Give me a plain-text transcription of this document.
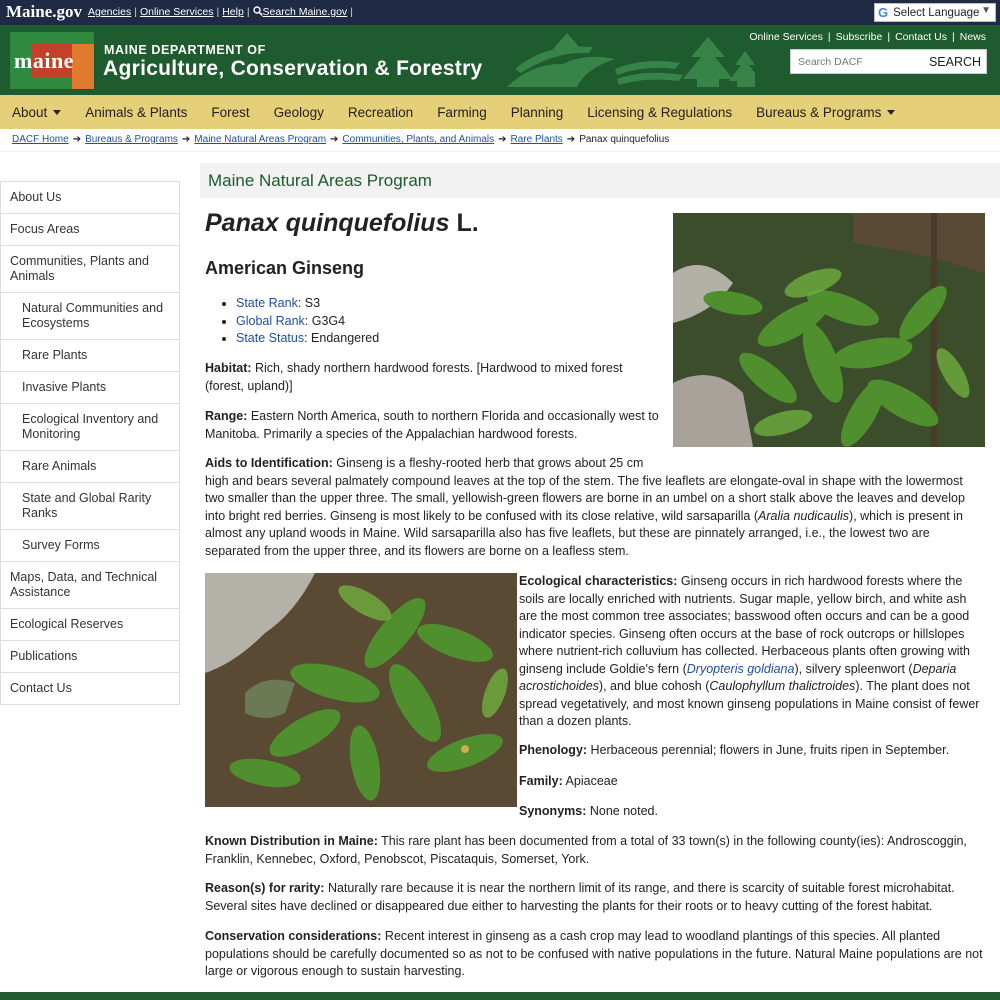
Maine.gov Agencies | Online Services | Help | Search Maine.gov |	G Select Language ▼
maine MAINE DEPARTMENT OF
Agriculture, Conservation & Forestry
Online Services | Subscribe | Contact Us | News
Search DACF
SEARCH
About	Animals & Plants	Forest	Geology	Recreation	Farming	Planning	Licensing & Regulations	Bureaus & Programs
DACF Home ➔ Bureaus & Programs ➔ Maine Natural Areas Program ➔ Communities, Plants, and Animals ➔ Rare Plants ➔ Panax quinquefolius
About Us
Focus Areas
Communities, Plants and Animals
Natural Communities and Ecosystems
Rare Plants
Invasive Plants
Ecological Inventory and Monitoring
Rare Animals
State and Global Rarity Ranks
Survey Forms
Maps, Data, and Technical Assistance
Ecological Reserves
Publications
Contact Us
Maine Natural Areas Program
Panax quinquefolius L.
American Ginseng
• State Rank: S3
• Global Rank: G3G4
• State Status: Endangered
Habitat: Rich, shady northern hardwood forests. [Hardwood to mixed forest (forest, upland)]
Range: Eastern North America, south to northern Florida and occasionally west to Manitoba. Primarily a species of the Appalachian hardwood forests.
Aids to Identification: Ginseng is a fleshy-rooted herb that grows about 25 cm high and bears several palmately compound leaves at the top of the stem. The five leaflets are elongate-oval in shape with the lowermost two smaller than the upper three. The small, yellowish-green flowers are borne in an umbel on a short stalk above the leaves and develop into bright red berries. Ginseng is most likely to be confused with its close relative, wild sarsaparilla (Aralia nudicaulis), which is present in almost any upland woods in Maine. Wild sarsaparilla also has five leaflets, but these are pinnately arranged, i.e., the lowest two are separated from the upper three, and its flowers are borne on a leafless stem.
Ecological characteristics: Ginseng occurs in rich hardwood forests where the soils are locally enriched with nutrients. Sugar maple, yellow birch, and white ash are the most common tree associates; basswood often occurs and can be a good indicator species. Ginseng often occurs at the base of rock outcrops or hillslopes where nutrient-rich colluvium has collected. Herbaceous plants often growing with ginseng include Goldie's fern (Dryopteris goldiana), silvery spleenwort (Deparia acrostichoides), and blue cohosh (Caulophyllum thalictroides). The plant does not spread vegetatively, and most known ginseng populations in Maine consist of fewer than a dozen plants.
Phenology: Herbaceous perennial; flowers in June, fruits ripen in September.
Family: Apiaceae
Synonyms: None noted.
Known Distribution in Maine: This rare plant has been documented from a total of 33 town(s) in the following county(ies): Androscoggin, Franklin, Kennebec, Oxford, Penobscot, Piscataquis, Somerset, York.
Reason(s) for rarity: Naturally rare because it is near the northern limit of its range, and there is scarcity of suitable forest microhabitat. Several sites have declined or disappeared due either to harvesting the plants for their roots or to heavy cutting of the forest habitat.
Conservation considerations: Recent interest in ginseng as a cash crop may lead to woodland plantings of this species. All planted populations should be carefully documented so as not to be confused with native populations in the future. Natural Maine populations are not large or vigorous enough to sustain harvesting.
